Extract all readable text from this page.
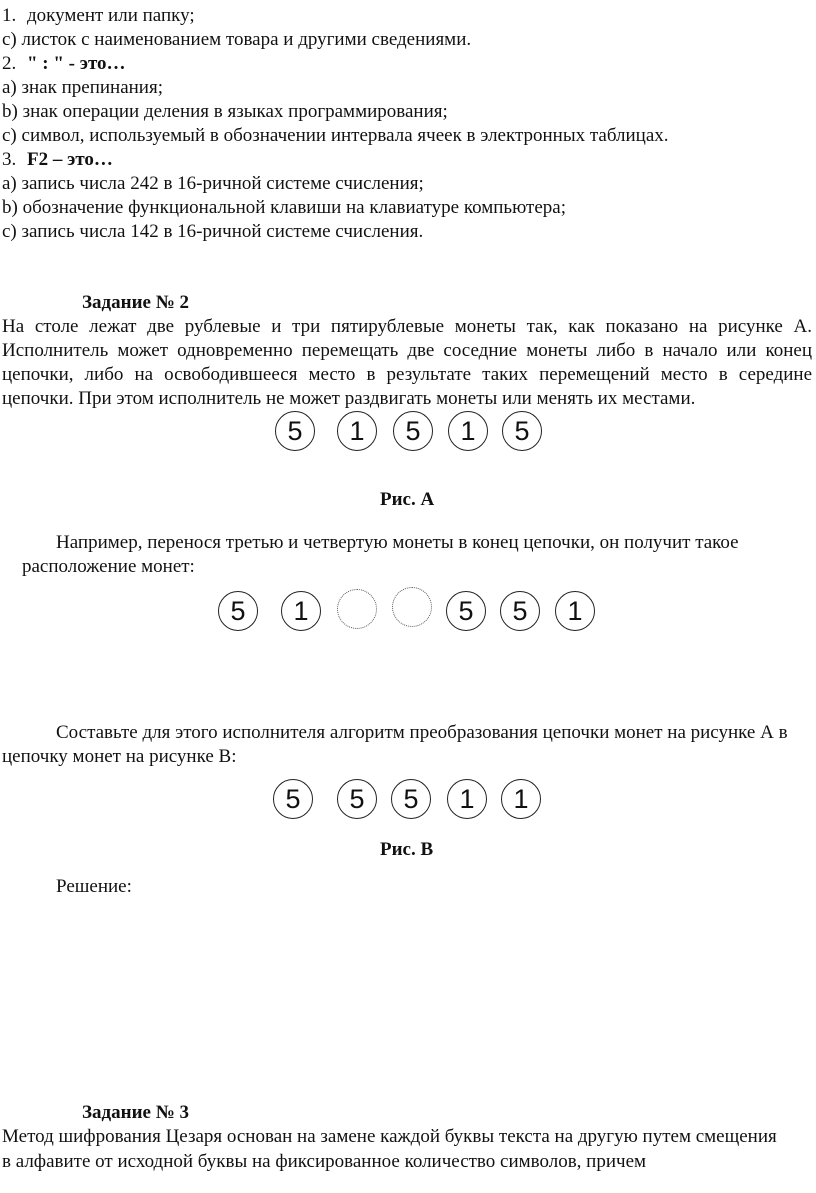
1. документ или папку;
c) листок с наименованием товара и другими сведениями.
2. " : " - это…
a) знак препинания;
b) знак операции деления в языках программирования;
c) символ, используемый в обозначении интервала ячеек в электронных таблицах.
3. F2 – это…
a) запись числа 242 в 16-ричной системе счисления;
b) обозначение функциональной клавиши на клавиатуре компьютера;
c) запись числа 142 в 16-ричной системе счисления.
Задание № 2
На столе лежат две рублевые и три пятирублевые монеты так, как показано на рисунке А.
Исполнитель может одновременно перемещать две соседние монеты либо в начало или конец
цепочки, либо на освободившееся место в результате таких перемещений место в середине
цепочки. При этом исполнитель не может раздвигать монеты или менять их местами.
5	1	5	1	5
Рис. А
Например, перенося третью и четвертую монеты в конец цепочки, он получит такое
расположение монет:
5	1	5	5	1
Составьте для этого исполнителя алгоритм преобразования цепочки монет на рисунке А в
цепочку монет на рисунке В:
5	5	5	1	1
Рис. В
Решение:
Задание № 3
Метод шифрования Цезаря основан на замене каждой буквы текста на другую путем смещения
в алфавите от исходной буквы на фиксированное количество символов, причем
